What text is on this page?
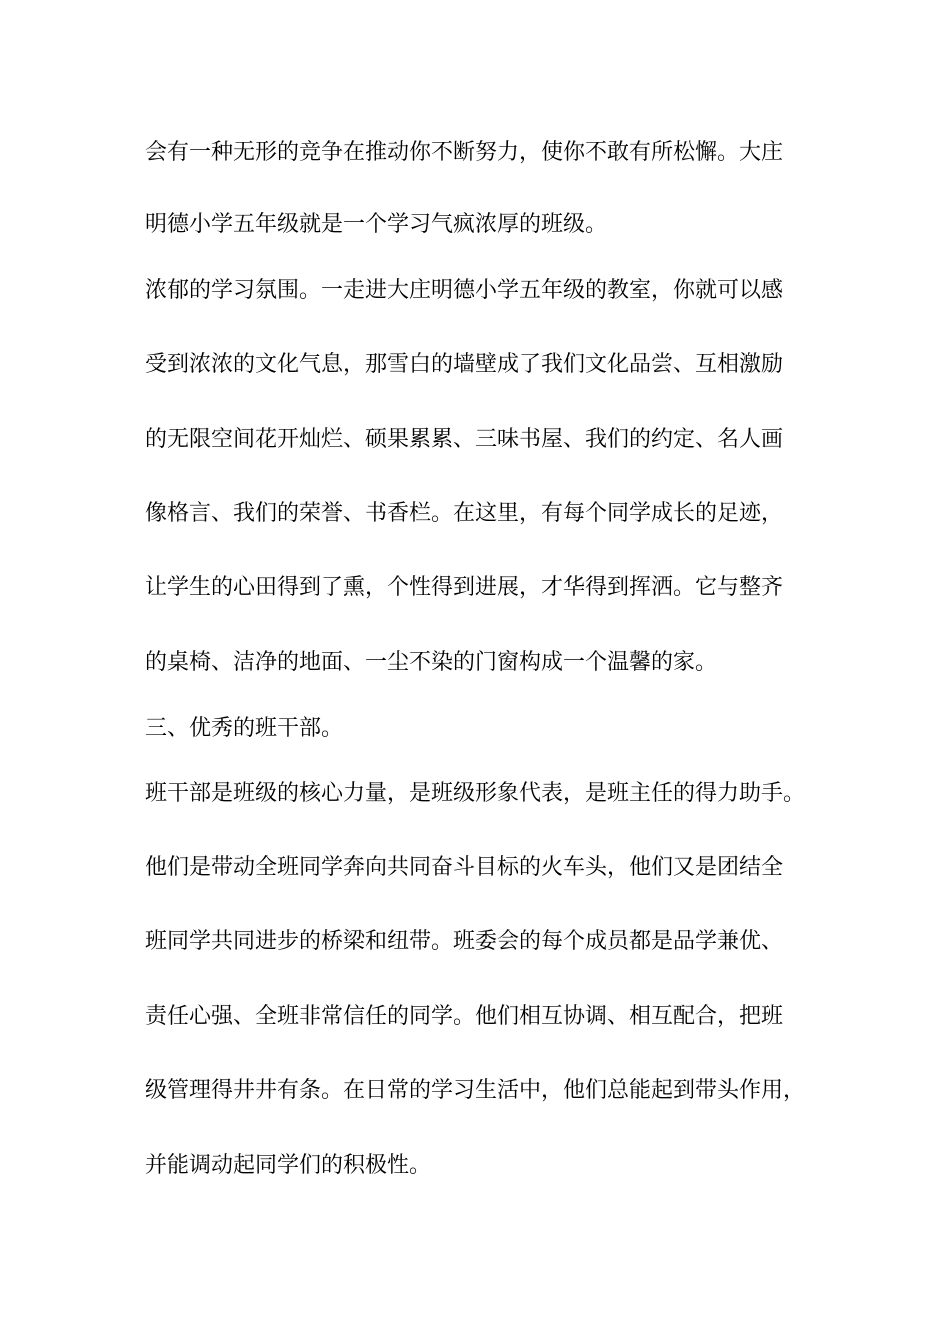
会有一种无形的竞争在推动你不断努力，使你不敢有所松懈。大庄

明德小学五年级就是一个学习气疯浓厚的班级。

浓郁的学习氛围。一走进大庄明德小学五年级的教室，你就可以感

受到浓浓的文化气息，那雪白的墙壁成了我们文化品尝、互相激励

的无限空间花开灿烂、硕果累累、三味书屋、我们的约定、名人画

像格言、我们的荣誉、书香栏。在这里，有每个同学成长的足迹，

让学生的心田得到了熏，个性得到进展，才华得到挥洒。它与整齐

的桌椅、洁净的地面、一尘不染的门窗构成一个温馨的家。

三、优秀的班干部。

班干部是班级的核心力量，是班级形象代表，是班主任的得力助手。

他们是带动全班同学奔向共同奋斗目标的火车头，他们又是团结全

班同学共同进步的桥梁和纽带。班委会的每个成员都是品学兼优、

责任心强、全班非常信任的同学。他们相互协调、相互配合，把班

级管理得井井有条。在日常的学习生活中，他们总能起到带头作用，

并能调动起同学们的积极性。
